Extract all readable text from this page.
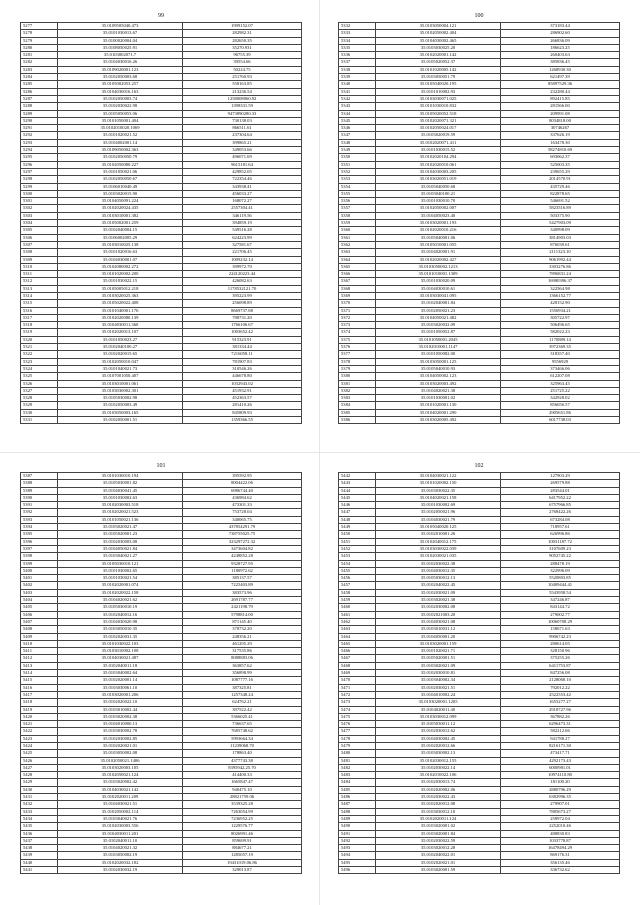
99
5277	35.0109505040.473	1999152.07
5278	35.0101030013.67	282982.31
5279	35.0100020004.04	282650.35
5280	35.0108050025.91	35270.931
5281	35.0103002071.7	96755.39
5282	35.0104030016.26	39554.66
5283	35.0109020001.123	50224.75
5284	35.0102050003.68	251760.93
5285	35.0105002053.257	558163.85
5286	35.0104030016.163	213236.54
5287	35.0102050003.74	1258008060.92
5288	35.0102030022.98	1398331.59
5289	35.0105050053.06	9473890280.33
5290	35.0101050001.404	730138.03
5291	35.0102010020.1069	866511.61
5292	35.0101020021.52	237304.64
5293	35.0104002001.14	399865.21
5294	35.0109050002.363	349053.66
5295	35.0102050050.79	496071.69
5296	35.0102050080.227	9615181.64
5297	35.0101050021.06	429852.05
5298	35.0102050050.67	722354.46
5299	35.0106010040.49	343938.41
5300	35.0103020015.90	456033.27
5301	35.0104050091.224	168072.27
5302	35.0102020024.435	2557304.41
5303	35.0103010001.382	346119.56
5304	35.0105002001.259	394859.19
5305	35.0102040004.15	549516.28
5306	35.0106002005.29	624223.99
5307	35.0103010025.138	327581.67
5308	35.0101020016.63	221706.45
5309	35.0104030001.07	1009232.14
5310	35.0102080002.272	399972.70
5311	35.0101020002.200	224120223.44
5312	35.0101030022.15	426082.63
5313	35.0105005012.218	1178532121.70
5314	35.0103020025.363	395223.99
5315	35.0105020022.408	256098.89
5316	35.0101040001.176	8669737.88
5317	35.0102020080.139	788731.20
5318	35.0104030011.360	1766106.67
5319	35.0102020013.107	1003652.42
5320	35.0101050023.27	915323.91
5321	35.0102040100.27	381334.44
5322	35.0102020015.65	7216058.11
5323	35.0102050010.047	781907.83
5324	35.0101040021.73	310546.26
5325	35.0107001050.407	446678.80
5326	35.0103010001.061	1032943.02
5327	35.0103030002.301	451932.91
5328	35.0105030002.98	452363.57
5329	35.0102050003.49	281410.26
5330	35.0103050003.165	845809.93
5331	35.0102050001.51	1359366.55
100
5332	35.0103050004.121	373183.44
5333	35.0102050002.404	286902.60
5334	35.0104030002.465	266836.09
5335	35.0103030025.20	186623.25
5336	35.0102020001.142	260403.63
5337	35.0105020052.37	385836.45
5338	35.0101020005.142	1268930.30
5339	35.0103050051.79	621497.39
5340	35.0105040020.195	85897529.36
5341	35.0101010002.93	232280.44
5342	35.0103030071.025	892415.85
5343	35.0101030010.832	281566.00
5344	35.0105020052.518	209991.08
5345	35.0102020071.321	8034818.00
5346	35.0102050024.017	30746267
5347	35.0103020019.59	337626.19
5348	35.0102020071.411	163478.30
5349	35.0101030015.52	58274810.69
5350	35.0102020104.294	693062.37
5351	35.0102020010.061	525003.35
5352	35.0104030003.205	239655.29
5353	35.0103020051.019	2014570.91
5354	35.0105040050.68	435729.46
5355	35.0103040100.21	822878.65
5356	35.0101030010.70	546691.52
5357	35.0102050002.007	5823516.89
5358	35.0104050023.40	503375.90
5359	35.0103020001.193	5427903.09
5360	35.0102020010.216	340998.09
5361	35.0105040001.06	3814903.03
5362	35.0105010001.055	876039.61
5363	35.0104020001.91	2111323.10
5364	35.0102020002.427	9061992.44
5365	35.0103050002.1213	3303276.86
5366	35.0101010001.1309	7896831.24
5367	35.0101030020.09	16980396.37
5368	35.0104030010.61	322564.98
5369	35.0103030041.095	1366152.77
5370	35.0102040001.84	428152.90
5371	35.0102050021.23	1556934.21
5372	35.0104050021.482	305722.97
5373	35.0103020032.09	506496.65
5374	35.0101050052.87	582022.23
5375	35.0101050001.2045	1170889.14
5376	35.0102010001.1147	3972369.35
5377	35.0101050082.00	318357.40
5378	35.0103050001.125	9556929
5379	35.0105040010.93	373466.06
5380	35.0104050002.123	612207.08
5381	35.0103020003.492	325963.45
5382	35.0104020021.38	251725.22
5383	35.0101030001.02	342928.02
5384	35.0101020001.130	856656.57
5385	35.0104020001.290	2905651.86
5386	35.0103020005.492	6017738.03
101
5387	35.0101030010.194	395592.95
5388	35.0105030001.82	8004422.06
5389	35.0104030041.45	6986744.40
5390	35.0101030002.63	436984.62
5391	35.0102030003.518	473301.33
5392	35.0102020021.523	753728.04
5393	35.0101050021.136	340065.75
5394	35.0103020021.47	437854291.79
5395	35.0105020001.23	738755025.75
5396	35.0102030003.08	323297272.32
5397	35.0104050021.84	3473604.82
5398	35.0103040021.27	4248852.28
5399	35.0105030010.121	9328727.95
5400	35.0101030002.65	1180972.62
5401	35.0101030021.54	385137.57
5402	35.0102020001.074	7225403.89
5403	35.0102020022.158	383573.96
5404	35.0104020021.62	2691787.77
5405	35.0105030010.19	2421198.79
5406	35.0102040012.16	5798814.00
5407	35.0104030020.98	871145.40
5408	35.0103050010.35	378732.20
5409	35.0102020031.35	248356.21
5410	35.0101030022.103	461295.29
5411	35.0103010002.108	317535.86
5412	35.0104030021.487	8088883.06
5413	35.0102040011.18	363857.62
5414	35.0103040002.64	356898.99
5415	35.0102020001.14	1087777.16
5416	35.0103030061.10	387325.81
5417	35.0103020001.206	1257348.24
5418	35.0102020022.10	624762.21
5419	35.0103010002.44	397522.42
5420	35.0103020002.38	5366025.41
5421	35.0104010000.13	736637.65
5422	35.0103030002.78	7685748.62
5423	35.0102030002.85	5993664.34
5424	35.0102020021.01	11239068.70
5425	35.0103050002.08	178863.40
5426	35.0102050021.1406	4377743.38
5427	35.0103020003.105	8395942.25.70
5428	35.0102050021.124	414400.33
5429	35.0103020002.42	1665847.47
5430	35.0104030021.142	940475.10
5431	35.0102020011.209	28821759.06
5432	35.0104030021.51	3539325.28
5433	35.0102050002.114	7263054.99
5434	35.0103040021.76	7236952.25
5435	35.0102030003.556	1229576.77
5436	35.0104030011.201	8026991.46
5437	35.0102040011.10	859699.91
5438	35.0104020021.32	884677.21
5439	35.0103050002.19	1285057.19
5440	35.0102020032.182	19431019.06.86
5441	35.0102030032.19	329013.87
102
5442	35.0104030021.122	127903.29
5443	35.0101020002.150	269579.88
5444	35.0103030022.35	283544.01
5445	35.0104020021.158	6417952.22
5446	35.0101030002.69	6757966.85
5447	35.0102050021.96	2768422.26
5448	35.0104030021.79	673284.08
5449	35.0105040020.125	718957.61
5450	35.0102010001.26	626996.86
5451	35.0102040012.175	10031187.72
5452	35.0103030022.039	3107609.23
5453	35.0102030021.035	9052745.22
5454	35.0102030022.38	288478.19
5455	35.0104030012.35	322996.09
5456	35.0105030012.13	5520803.85
5457	35.0102040022.45	10409444.41
5458	35.0102030021.09	5543958.54
5459	35.0103020021.38	347246.87
5460	35.0102030002.08	843144.72
5461	35.0102021003.20	279002.77
5462	35.0104030021.08	10060708.29
5463	35.0103010031.12	158671.63
5464	35.0104050001.20	9906742.23
5465	35.0103020001.159	280614.05
5466	35.0101020021.71	328150.96
5467	35.0105020001.51	375255.26
5468	35.0103020021.09	6411753.87
5469	35.0102030010.81	847256.08
5470	35.0103040002.34	2128068.10
5471	35.0102030021.51	792012.22
5472	35.0104010002.24	2522553.42
5473	35.0103020001.1205	1655277.27
5474	35.0104020011.40	2918727.96
5475	35.0103030012.099	367882.26
5476	35.0105030011.12	6296473.31
5477	35.0102030012.62	582212.66
5478	35.0104030002.45	941788.27
5479	35.0102020012.66	8216171.30
5480	35.0103030002.13	473417.71
5481	35.0102030012.155	4292173.43
5482	35.0102030022.14	6000981.01
5483	35.0102010022.106	10974110.80
5484	35.0102030013.74	181100.20
5485	35.0102020002.06	2880796.29
5486	35.0102030022.43	6382996.35
5487	35.0102020012.08	279907.01
5488	35.0103030012.10	7885673.27
5489	35.0102020011.124	258972.04
5490	35.0103020001.02	2252010.46
5491	35.0103020001.84	488830.83
5492	35.0102030022.59	1033778.87
5493	35.0103020012.28	16478494.29
5494	35.0102040022.01	869176.31
5495	35.0102020021.01	356135.46
5496	35.0103020001.59	336732.62
